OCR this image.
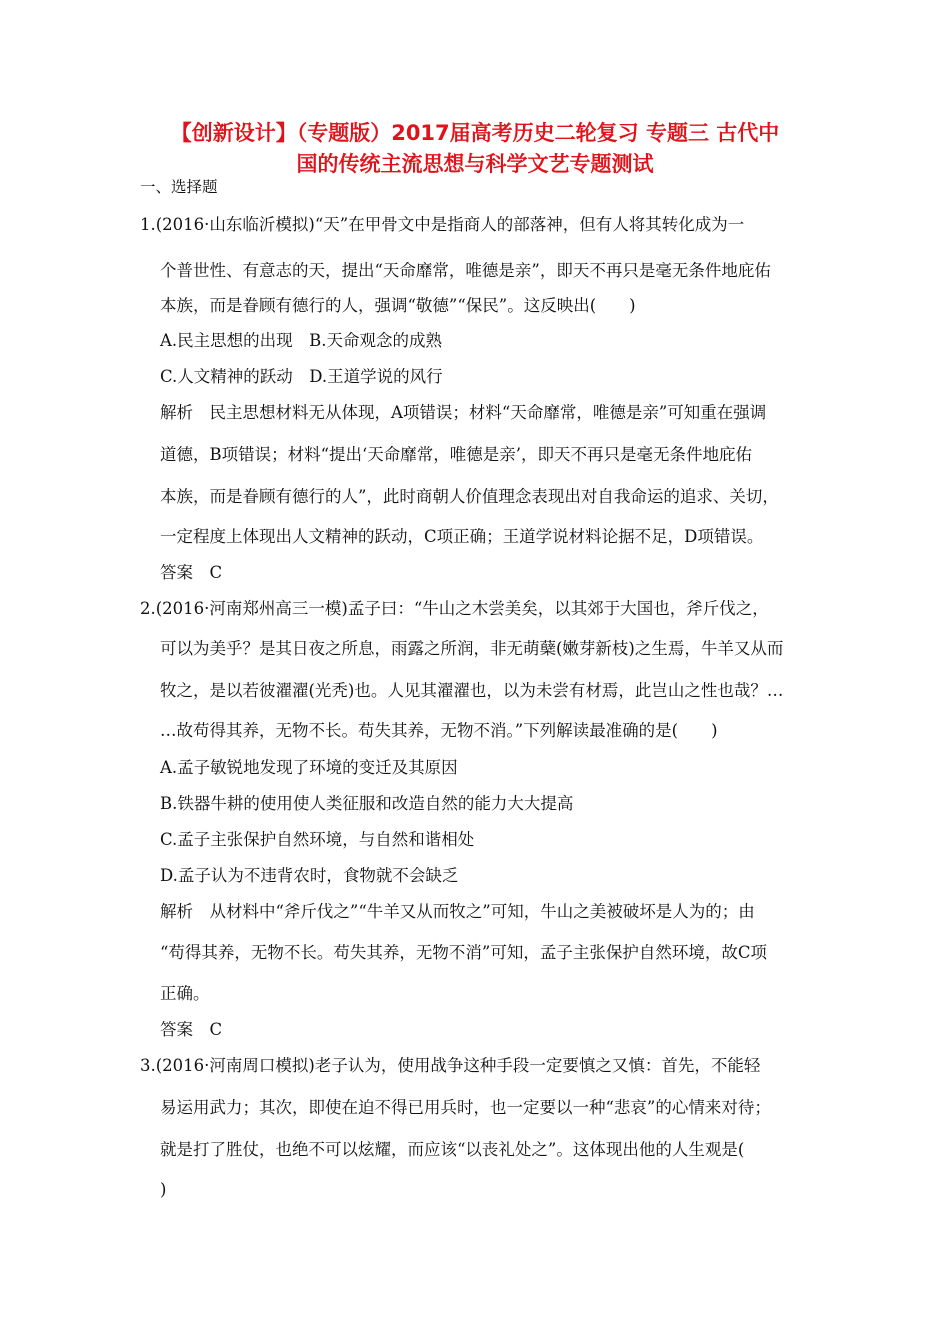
【创新设计】（专题版）2017届高考历史二轮复习 专题三 古代中
国的传统主流思想与科学文艺专题测试
一、选择题
1.(2016·山东临沂模拟)“天”在甲骨文中是指商人的部落神，但有人将其转化成为一
个普世性、有意志的天，提出“天命靡常，唯德是亲”，即天不再只是毫无条件地庇佑
本族，而是眷顾有德行的人，强调“敬德”“保民”。这反映出(　　)
A.民主思想的出现　B.天命观念的成熟
C.人文精神的跃动　D.王道学说的风行
解析　民主思想材料无从体现，A项错误；材料“天命靡常，唯德是亲”可知重在强调
道德，B项错误；材料“提出‘天命靡常，唯德是亲’，即天不再只是毫无条件地庇佑
本族，而是眷顾有德行的人”，此时商朝人价值理念表现出对自我命运的追求、关切，
一定程度上体现出人文精神的跃动，C项正确；王道学说材料论据不足，D项错误。
答案　C
2.(2016·河南郑州高三一模)孟子曰：“牛山之木尝美矣，以其郊于大国也，斧斤伐之，
可以为美乎？是其日夜之所息，雨露之所润，非无萌蘖(嫩芽新枝)之生焉，牛羊又从而
牧之，是以若彼濯濯(光秃)也。人见其濯濯也，以为未尝有材焉，此岂山之性也哉？…
…故苟得其养，无物不长。苟失其养，无物不消。”下列解读最准确的是(　　)
A.孟子敏锐地发现了环境的变迁及其原因
B.铁器牛耕的使用使人类征服和改造自然的能力大大提高
C.孟子主张保护自然环境，与自然和谐相处
D.孟子认为不违背农时，食物就不会缺乏
解析　从材料中“斧斤伐之”“牛羊又从而牧之”可知，牛山之美被破坏是人为的；由
“苟得其养，无物不长。苟失其养，无物不消”可知，孟子主张保护自然环境，故C项
正确。
答案　C
3.(2016·河南周口模拟)老子认为，使用战争这种手段一定要慎之又慎：首先，不能轻
易运用武力；其次，即使在迫不得已用兵时，也一定要以一种“悲哀”的心情来对待；
就是打了胜仗，也绝不可以炫耀，而应该“以丧礼处之”。这体现出他的人生观是(
)
